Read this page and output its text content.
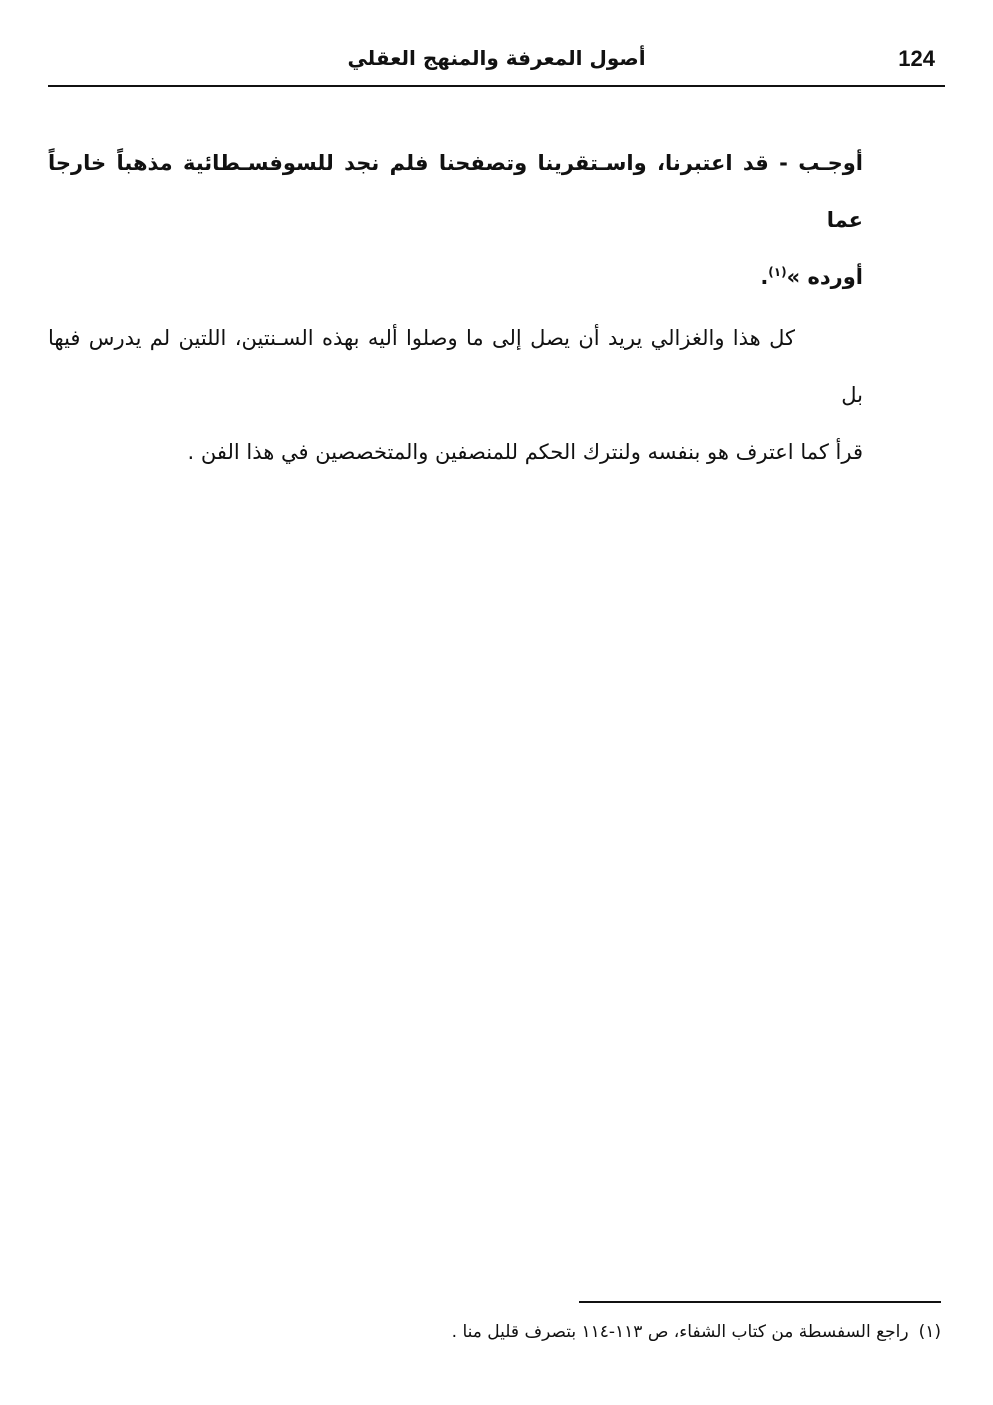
أصول المعرفة والمنهج العقلي	124

أوجـب - قد اعتبرنا، واسـتقرينا وتصفحنا فلم نجد للسوفسـطائية مذهباً خارجاً عما
أورده »$^{(١)}$.

كل هذا والغزالي يريد أن يصل إلى ما وصلوا أليه بهذه السـنتين، اللتين لم يدرس فيها بل
قرأ كما اعترف هو بنفسه ولنترك الحكم للمنصفين والمتخصصين في هذا الفن .

(١)راجع السفسطة من كتاب الشفاء، ص ١١٣-١١٤ بتصرف قليل منا .
